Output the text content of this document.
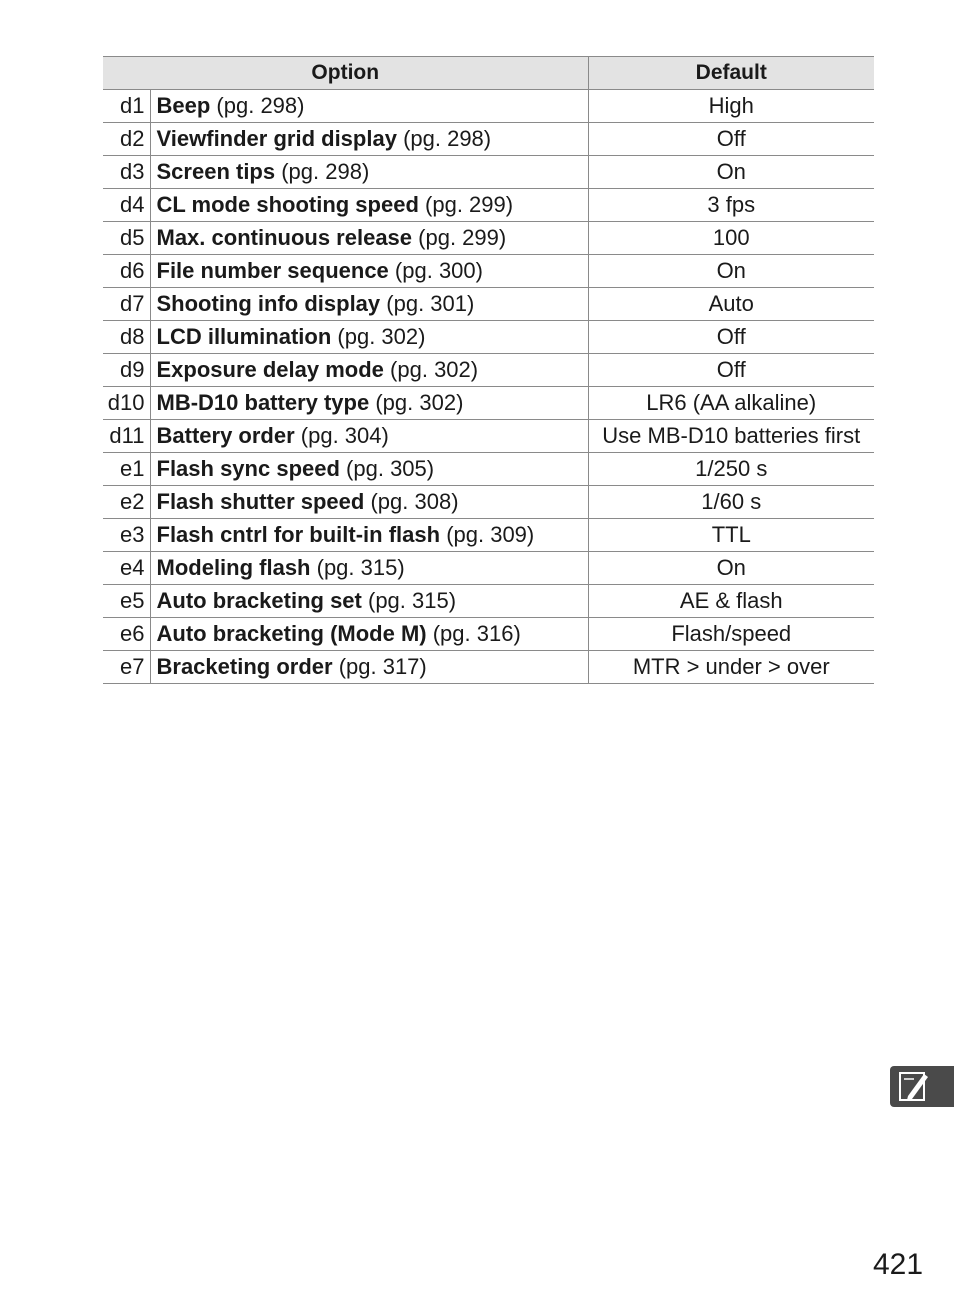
Option		Default
d1	Beep (pg. 298)	High
d2	Viewfinder grid display (pg. 298)	Off
d3	Screen tips (pg. 298)	On
d4	CL mode shooting speed (pg. 299)	3 fps
d5	Max. continuous release (pg. 299)	100
d6	File number sequence (pg. 300)	On
d7	Shooting info display (pg. 301)	Auto
d8	LCD illumination (pg. 302)	Off
d9	Exposure delay mode (pg. 302)	Off
d10	MB-D10 battery type (pg. 302)	LR6 (AA alkaline)
d11	Battery order (pg. 304)	Use MB-D10 batteries first
e1	Flash sync speed (pg. 305)	1/250 s
e2	Flash shutter speed (pg. 308)	1/60 s
e3	Flash cntrl for built-in flash (pg. 309)	TTL
e4	Modeling flash (pg. 315)	On
e5	Auto bracketing set (pg. 315)	AE & flash
e6	Auto bracketing (Mode M) (pg. 316)	Flash/speed
e7	Bracketing order (pg. 317)	MTR > under > over
421
